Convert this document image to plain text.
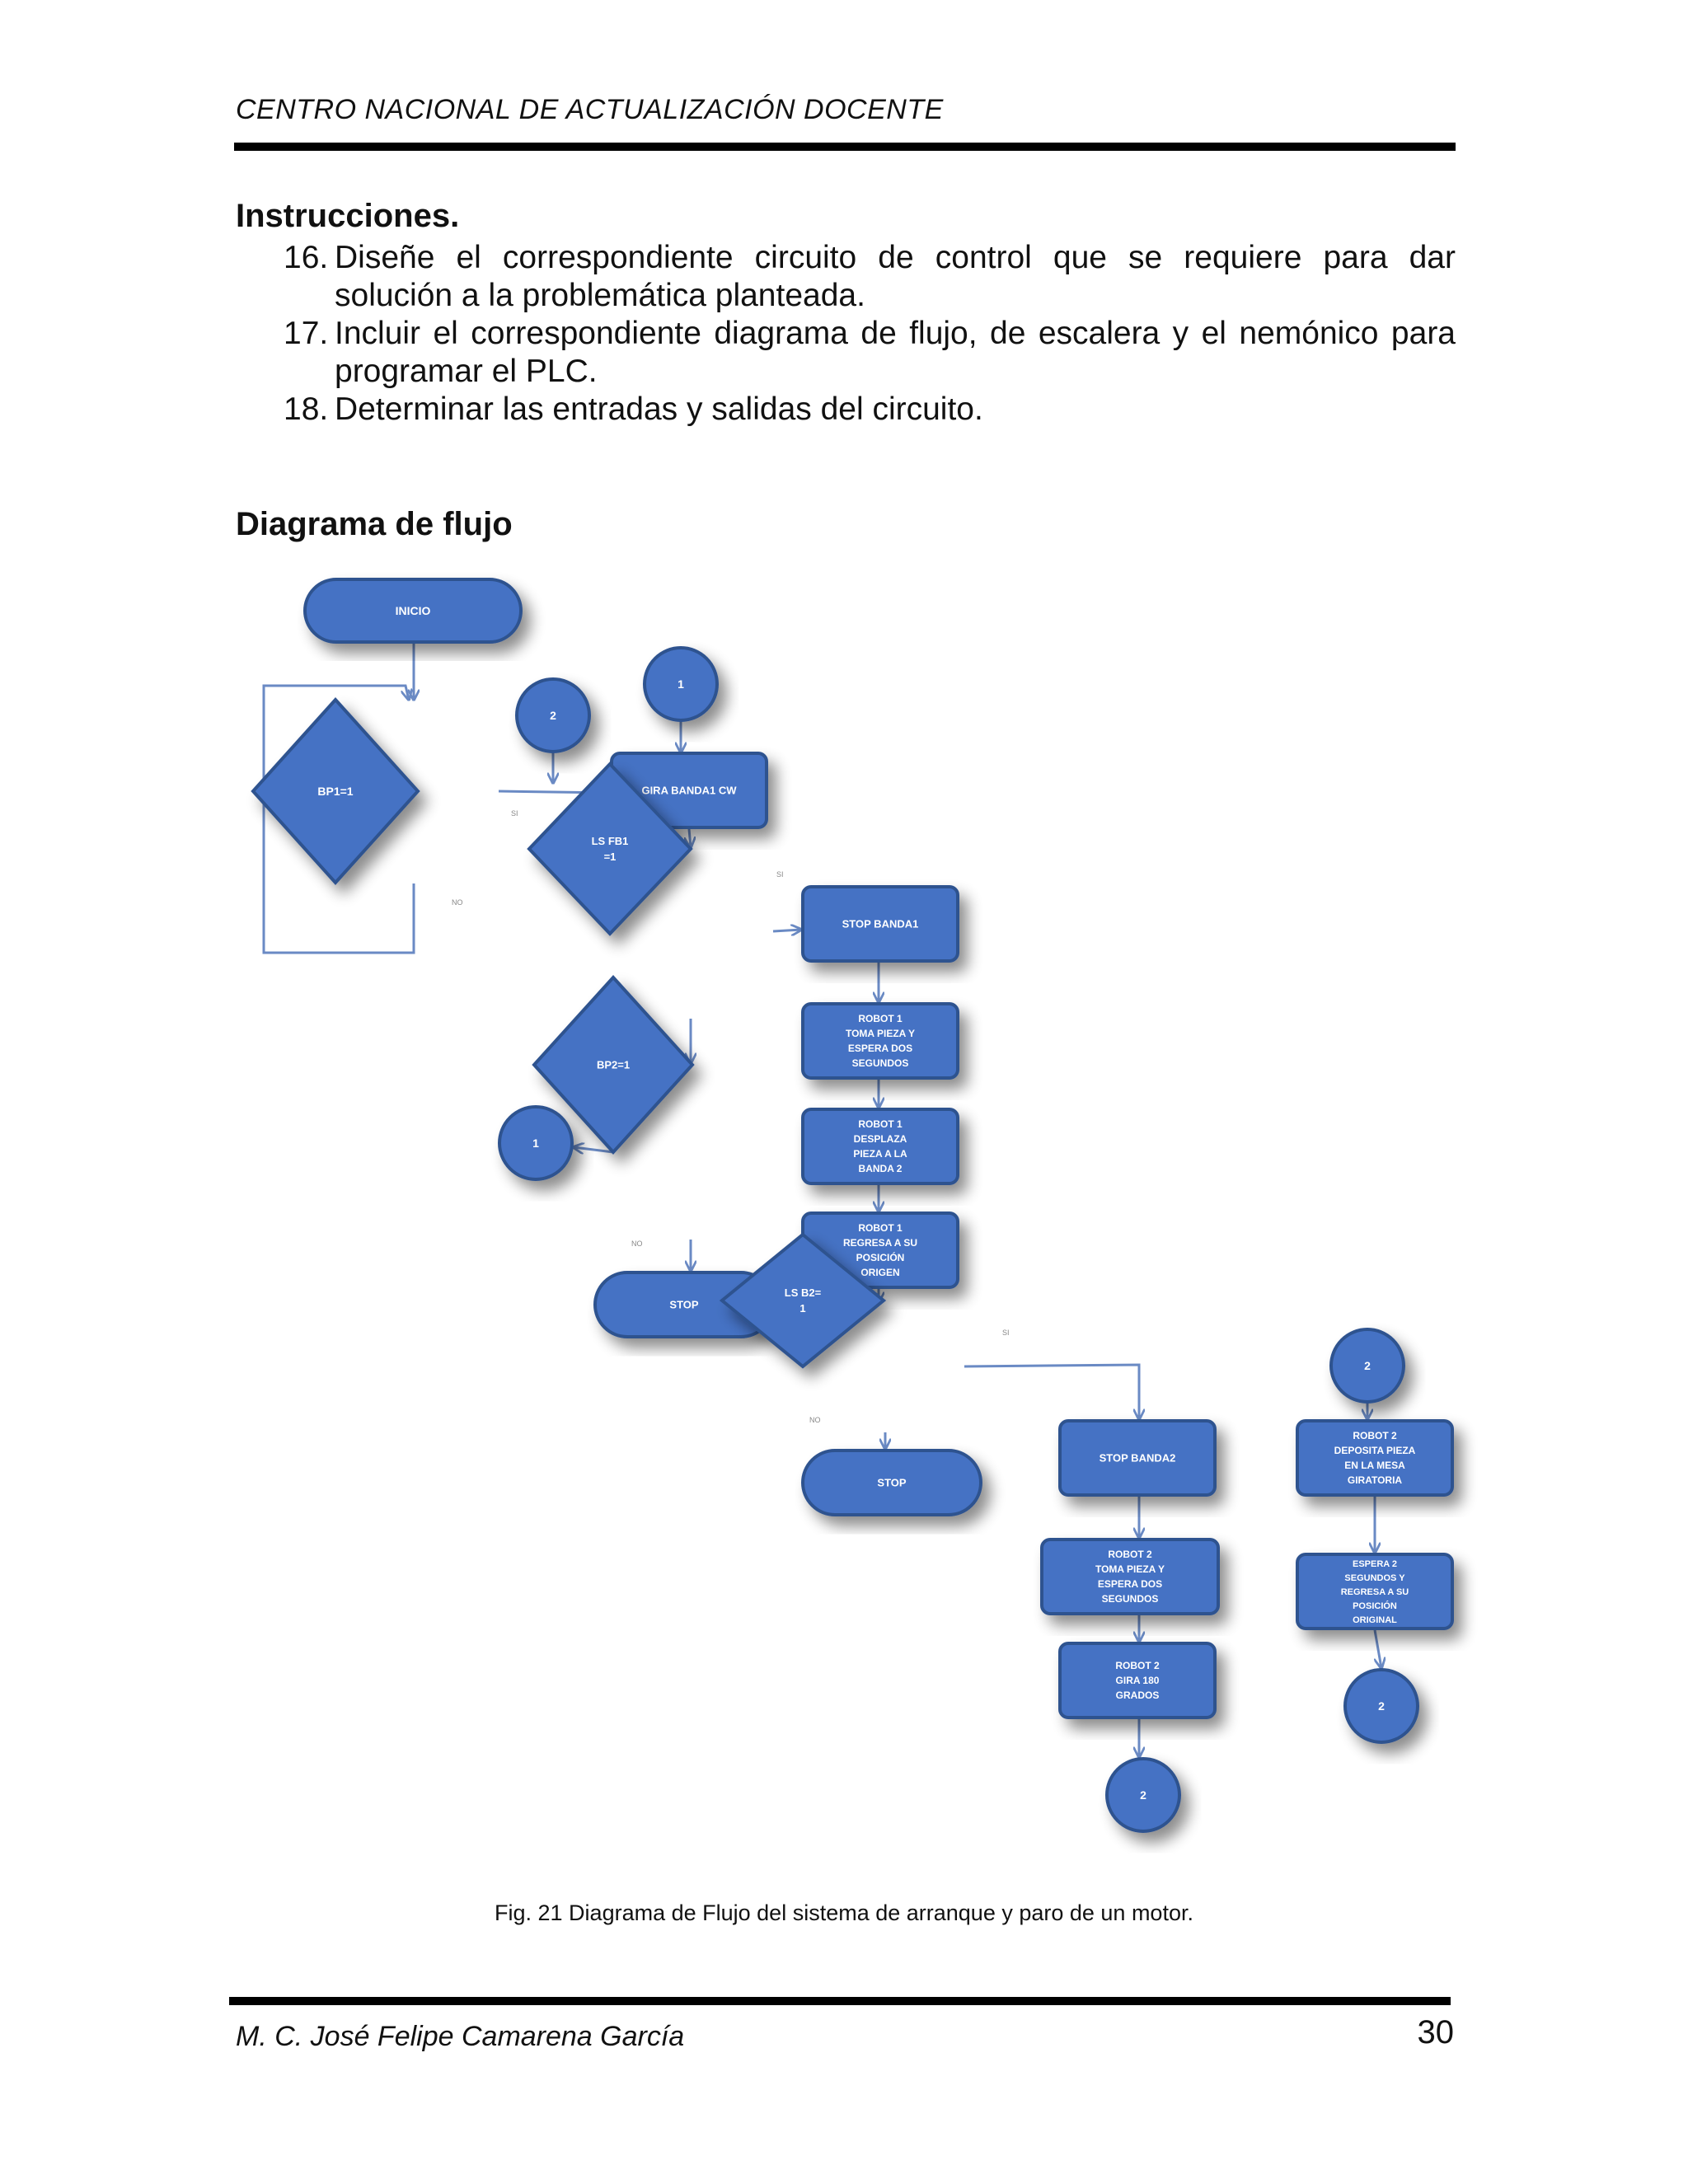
CENTRO NACIONAL DE ACTUALIZACIÓN DOCENTE
Instrucciones.
16. Diseñe el correspondiente circuito de control que se requiere para dar solución a la problemática planteada.
17. Incluir el correspondiente diagrama de flujo, de escalera y el nemónico para programar el PLC.
18. Determinar las entradas y salidas del circuito.
Diagrama de flujo
SI
NO
SI
NO
SI
NO
INICIO
BP1=1
2
1
GIRA BANDA1 CW
LS FB1
=1
STOP BANDA1
ROBOT 1
TOMA PIEZA Y
ESPERA DOS
SEGUNDOS
BP2=1
1
ROBOT 1
DESPLAZA
PIEZA A LA
BANDA 2
ROBOT 1
REGRESA A SU
POSICIÓN
ORIGEN
STOP
LS B2=
1
STOP
STOP BANDA2
ROBOT 2
TOMA PIEZA Y
ESPERA DOS
SEGUNDOS
ROBOT 2
GIRA 180
GRADOS
2
2
ROBOT 2
DEPOSITA PIEZA
EN LA MESA
GIRATORIA
ESPERA 2
SEGUNDOS Y
REGRESA A SU
POSICIÓN
ORIGINAL
2
Fig. 21 Diagrama de Flujo del sistema de arranque y paro de un motor.
M. C. José Felipe Camarena García	30
